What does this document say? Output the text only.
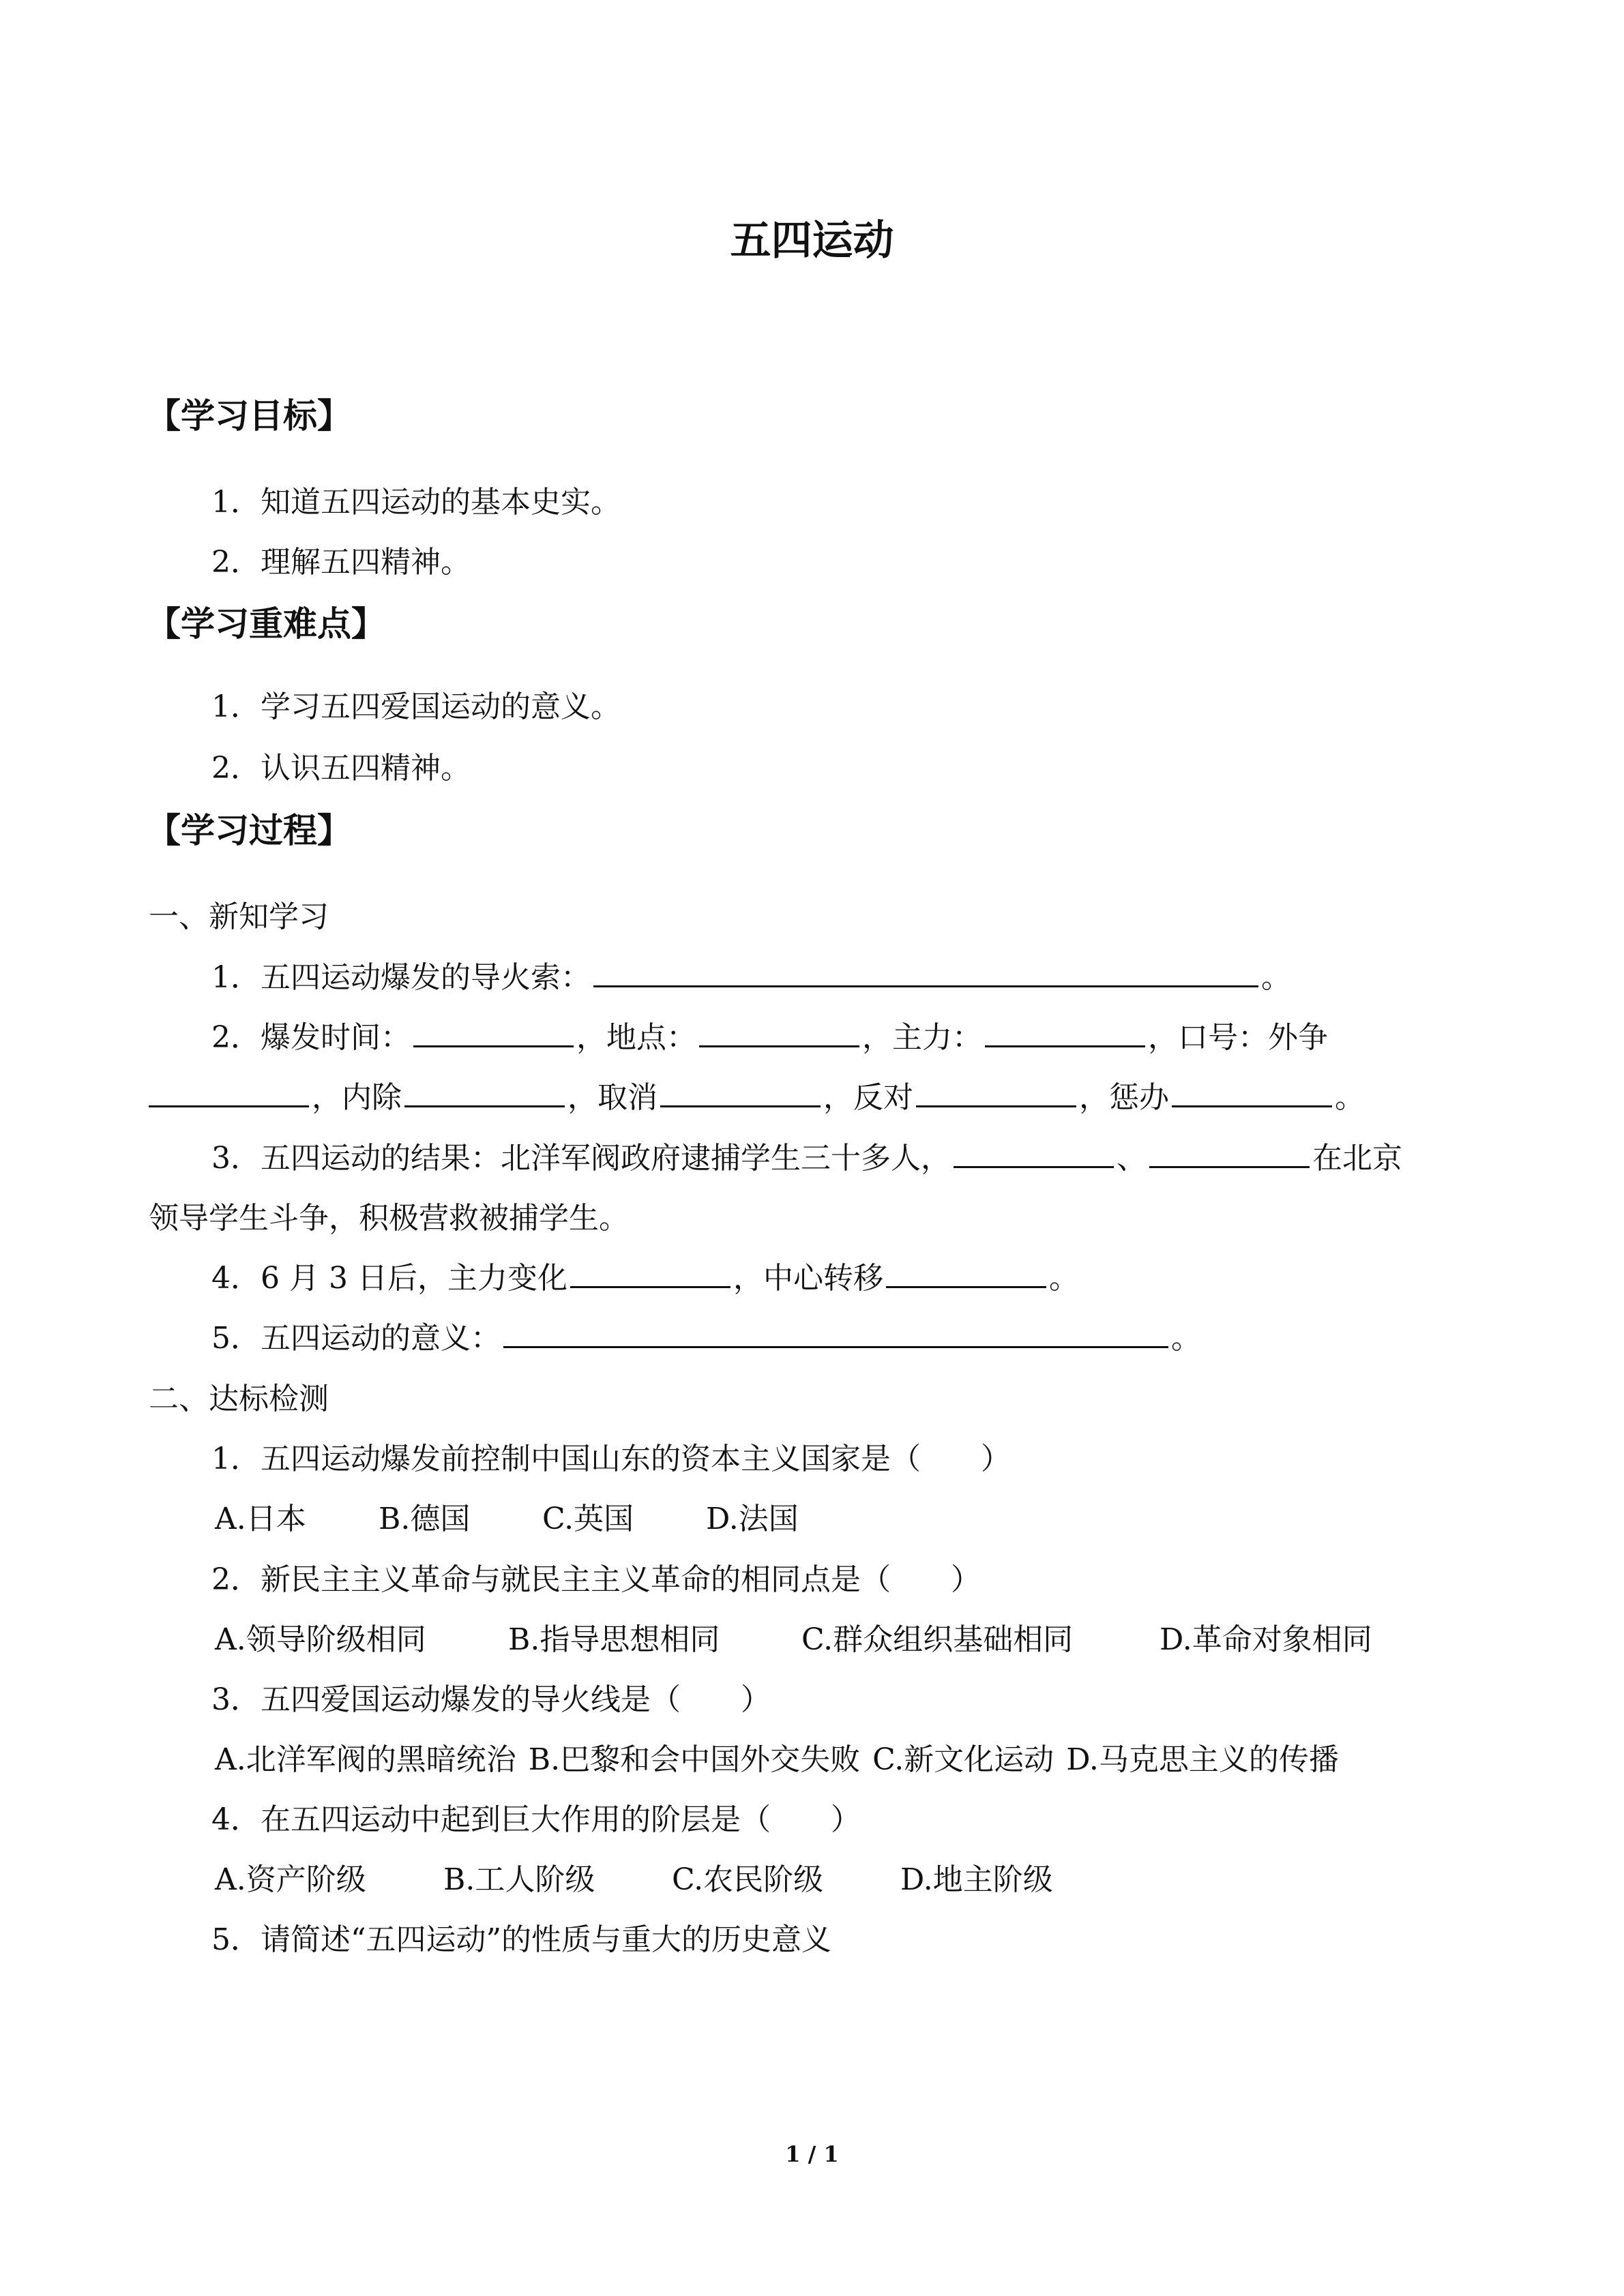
五四运动
【学习目标】
1．知道五四运动的基本史实。
2．理解五四精神。
【学习重难点】
1．学习五四爱国运动的意义。
2．认识五四精神。
【学习过程】
一、新知学习
1．五四运动爆发的导火索：	。
2．爆发时间：	，地点：	，主力：	，口号：外争
，内除	，取消	，反对	，惩办	。
3．五四运动的结果：北洋军阀政府逮捕学生三十多人，	、	在北京
领导学生斗争，积极营救被捕学生。
4．6 月 3 日后，主力变化	，中心转移	。
5．五四运动的意义：	。
二、达标检测
1．五四运动爆发前控制中国山东的资本主义国家是（　　）
A.日本 B.德国 C.英国 D.法国
2．新民主主义革命与就民主主义革命的相同点是（　　）
A.领导阶级相同	B.指导思想相同	C.群众组织基础相同	D.革命对象相同
3．五四爱国运动爆发的导火线是（　　）
A.北洋军阀的黑暗统治 B.巴黎和会中国外交失败 C.新文化运动 D.马克思主义的传播
4．在五四运动中起到巨大作用的阶层是（　　）
A.资产阶级	B.工人阶级	C.农民阶级	D.地主阶级
5．请简述“五四运动”的性质与重大的历史意义
1 / 1
